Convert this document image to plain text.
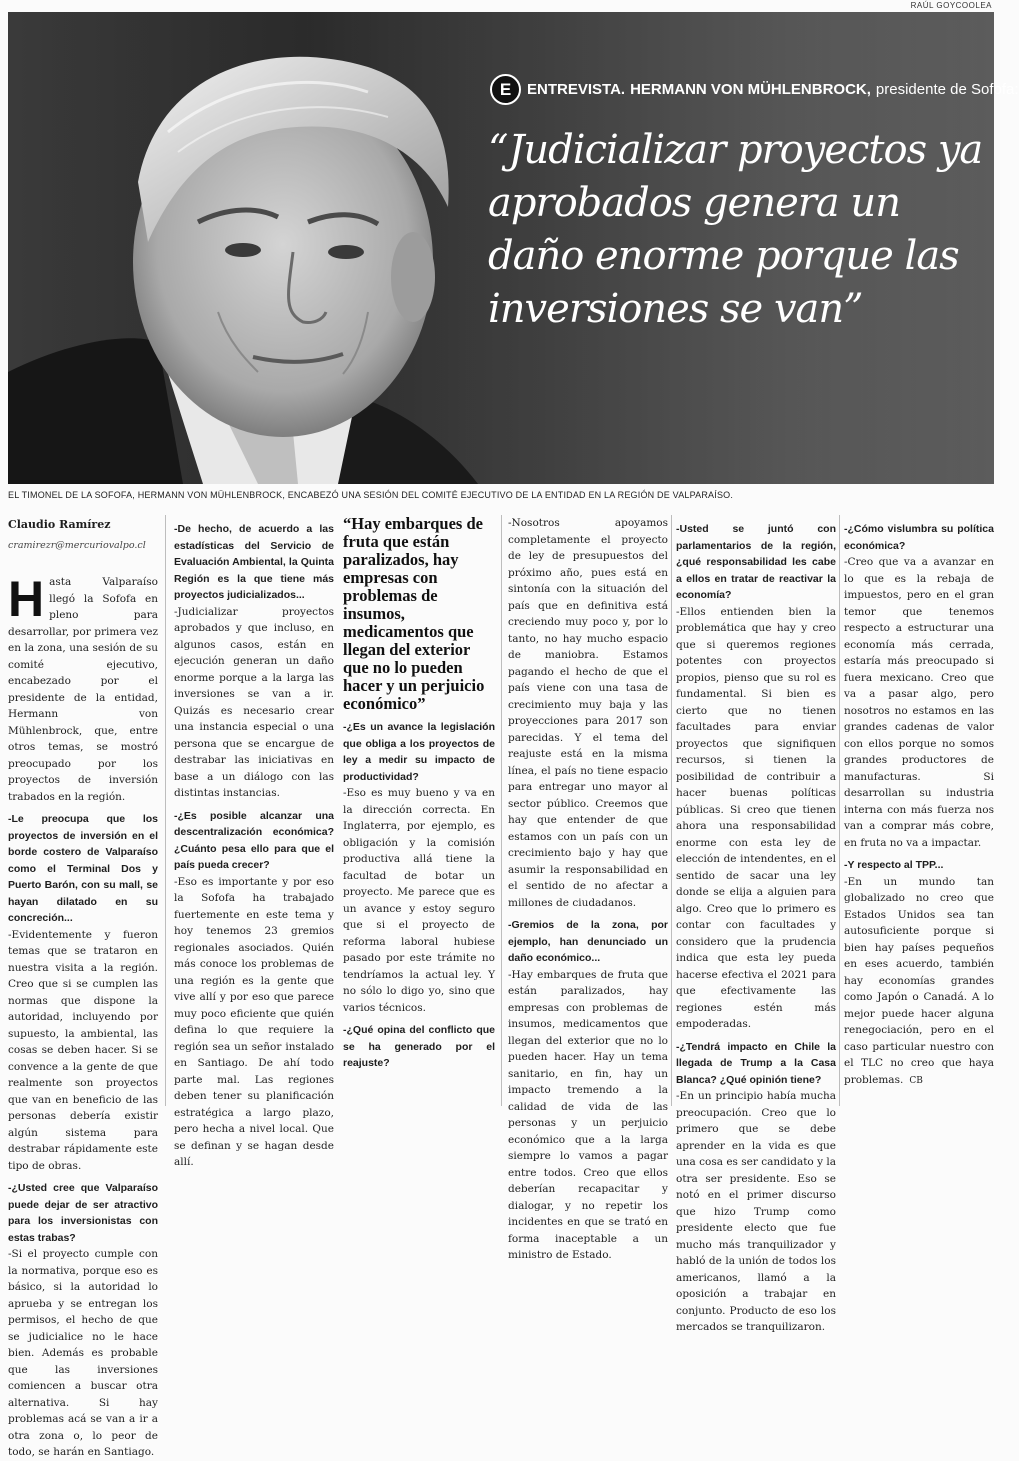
RAÚL GOYCOOLEA
E	ENTREVISTA. HERMANN VON MÜHLENBROCK, presidente de Sofofa:
“Judicializar proyectos ya aprobados genera un daño enorme porque las inversiones se van”
EL TIMONEL DE LA SOFOFA, HERMANN VON MÜHLENBROCK, ENCABEZÓ UNA SESIÓN DEL COMITÉ EJECUTIVO DE LA ENTIDAD EN LA REGIÓN DE VALPARAÍSO.
Claudio Ramírez
cramirezr@mercuriovalpo.cl

Hasta Valparaíso llegó la Sofofa en pleno para desarrollar, por primera vez en la zona, una sesión de su comité ejecutivo, encabezado por el presidente de la entidad, Hermann von Mühlenbrock, que, entre otros temas, se mostró preocupado por los proyectos de inversión trabados en la región.

-Le preocupa que los proyectos de inversión en el borde costero de Valparaíso como el Terminal Dos y Puerto Barón, con su mall, se hayan dilatado en su concreción...

-Evidentemente y fueron temas que se trataron en nuestra visita a la región. Creo que si se cumplen las normas que dispone la autoridad, incluyendo por supuesto, la ambiental, las cosas se deben hacer. Si se convence a la gente de que realmente son proyectos que van en beneficio de las personas debería existir algún sistema para destrabar rápidamente este tipo de obras.

-¿Usted cree que Valparaíso puede dejar de ser atractivo para los inversionistas con estas trabas?

-Si el proyecto cumple con la normativa, porque eso es básico, si la autoridad lo aprueba y se entregan los permisos, el hecho de que se judicialice no le hace bien. Además es probable que las inversiones comiencen a buscar otra alternativa. Si hay problemas acá se van a ir a otra zona o, lo peor de todo, se harán en Santiago.

-De hecho, de acuerdo a las estadísticas del Servicio de Evaluación Ambiental, la Quinta Región es la que tiene más proyectos judicializados...

-Judicializar proyectos aprobados y que incluso, en algunos casos, están en ejecución generan un daño enorme porque a la larga las inversiones se van a ir. Quizás es necesario crear una instancia especial o una persona que se encargue de destrabar las iniciativas en base a un diálogo con las distintas instancias.

-¿Es posible alcanzar una descentralización económica? ¿Cuánto pesa ello para que el país pueda crecer?

-Eso es importante y por eso la Sofofa ha trabajado fuertemente en este tema y hoy tenemos 23 gremios regionales asociados. Quién más conoce los problemas de una región es la gente que vive allí y por eso que parece muy poco eficiente que quién defina lo que requiere la región sea un señor instalado en Santiago. De ahí todo parte mal. Las regiones deben tener su planificación estratégica a largo plazo, pero hecha a nivel local. Que se definan y se hagan desde allí.

“Hay embarques de fruta que están paralizados, hay empresas con problemas de insumos, medicamentos que llegan del exterior que no lo pueden hacer y un perjuicio económico”

-¿Es un avance la legislación que obliga a los proyectos de ley a medir su impacto de productividad?

-Eso es muy bueno y va en la dirección correcta. En Inglaterra, por ejemplo, es obligación y la comisión productiva allá tiene la facultad de botar un proyecto. Me parece que es un avance y estoy seguro que si el proyecto de reforma laboral hubiese pasado por este trámite no tendríamos la actual ley. Y no sólo lo digo yo, sino que varios técnicos.

-¿Qué opina del conflicto que se ha generado por el reajuste?

-Nosotros apoyamos completamente el proyecto de ley de presupuestos del próximo año, pues está en sintonía con la situación del país que en definitiva está creciendo muy poco y, por lo tanto, no hay mucho espacio de maniobra. Estamos pagando el hecho de que el país viene con una tasa de crecimiento muy baja y las proyecciones para 2017 son parecidas. Y el tema del reajuste está en la misma línea, el país no tiene espacio para entregar uno mayor al sector público. Creemos que hay que entender de que estamos con un país con un crecimiento bajo y hay que asumir la responsabilidad en el sentido de no afectar a millones de ciudadanos.

-Gremios de la zona, por ejemplo, han denunciado un daño económico...

-Hay embarques de fruta que están paralizados, hay empresas con problemas de insumos, medicamentos que llegan del exterior que no lo pueden hacer. Hay un tema sanitario, en fin, hay un impacto tremendo a la calidad de vida de las personas y un perjuicio económico que a la larga siempre lo vamos a pagar entre todos. Creo que ellos deberían recapacitar y dialogar, y no repetir los incidentes en que se trató en forma inaceptable a un ministro de Estado.

-Usted se juntó con parlamentarios de la región, ¿qué responsabilidad les cabe a ellos en tratar de reactivar la economía?

-Ellos entienden bien la problemática que hay y creo que si queremos regiones potentes con proyectos propios, pienso que su rol es fundamental. Si bien es cierto que no tienen facultades para enviar proyectos que signifiquen recursos, si tienen la posibilidad de contribuir a hacer buenas políticas públicas. Si creo que tienen ahora una responsabilidad enorme con esta ley de elección de intendentes, en el sentido de sacar una ley donde se elija a alguien para algo. Creo que lo primero es contar con facultades y considero que la prudencia indica que esta ley pueda hacerse efectiva el 2021 para que efectivamente las regiones estén más empoderadas.

-¿Tendrá impacto en Chile la llegada de Trump a la Casa Blanca? ¿Qué opinión tiene?

-En un principio había mucha preocupación. Creo que lo primero que se debe aprender en la vida es que una cosa es ser candidato y la otra ser presidente. Eso se notó en el primer discurso que hizo Trump como presidente electo que fue mucho más tranquilizador y habló de la unión de todos los americanos, llamó a la oposición a trabajar en conjunto. Producto de eso los mercados se tranquilizaron.

-¿Cómo vislumbra su política económica?

-Creo que va a avanzar en lo que es la rebaja de impuestos, pero en el gran temor que tenemos respecto a estructurar una economía más cerrada, estaría más preocupado si fuera mexicano. Creo que va a pasar algo, pero nosotros no estamos en las grandes cadenas de valor con ellos porque no somos grandes productores de manufacturas. Si desarrollan su industria interna con más fuerza nos van a comprar más cobre, en fruta no va a impactar.

-Y respecto al TPP...

-En un mundo tan globalizado no creo que Estados Unidos sea tan autosuficiente porque si bien hay países pequeños en eses acuerdo, también hay economías grandes como Japón o Canadá. A lo mejor puede hacer alguna renegociación, pero en el caso particular nuestro con el TLC no creo que haya problemas. CB
